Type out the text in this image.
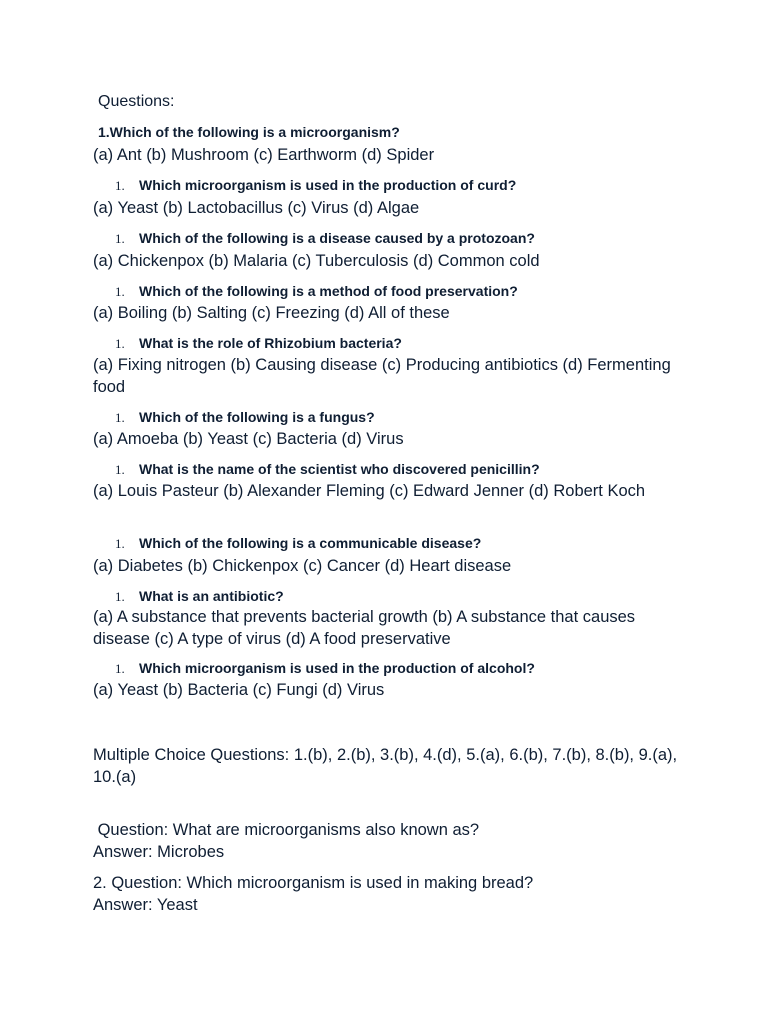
Questions:
1.Which of the following is a microorganism?
(a) Ant (b) Mushroom (c) Earthworm (d) Spider
1. Which microorganism is used in the production of curd?
(a) Yeast (b) Lactobacillus (c) Virus (d) Algae
1. Which of the following is a disease caused by a protozoan?
(a) Chickenpox (b) Malaria (c) Tuberculosis (d) Common cold
1. Which of the following is a method of food preservation?
(a) Boiling (b) Salting (c) Freezing (d) All of these
1. What is the role of Rhizobium bacteria?
(a) Fixing nitrogen (b) Causing disease (c) Producing antibiotics (d) Fermenting food
1. Which of the following is a fungus?
(a) Amoeba (b) Yeast (c) Bacteria (d) Virus
1. What is the name of the scientist who discovered penicillin?
(a) Louis Pasteur (b) Alexander Fleming (c) Edward Jenner (d) Robert Koch
1. Which of the following is a communicable disease?
(a) Diabetes (b) Chickenpox (c) Cancer (d) Heart disease
1. What is an antibiotic?
(a) A substance that prevents bacterial growth (b) A substance that causes disease (c) A type of virus (d) A food preservative
1. Which microorganism is used in the production of alcohol?
(a) Yeast (b) Bacteria (c) Fungi (d) Virus
Multiple Choice Questions: 1.(b), 2.(b), 3.(b), 4.(d), 5.(a), 6.(b), 7.(b), 8.(b), 9.(a), 10.(a)
Question: What are microorganisms also known as?
Answer: Microbes
2. Question: Which microorganism is used in making bread?
Answer: Yeast
